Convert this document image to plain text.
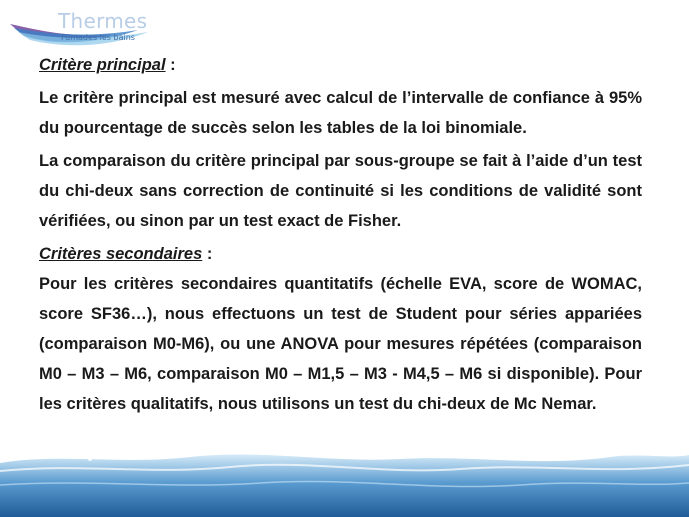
Thermes
Fumades les bains

Critère principal :

Le critère principal est mesuré avec calcul de l’intervalle de confiance à 95% du pourcentage de succès selon les tables de la loi binomiale.

La comparaison du critère principal par sous-groupe se fait à l’aide d’un test du chi-deux sans correction de continuité si les conditions de validité sont vérifiées, ou sinon par un test exact de Fisher.

Critères secondaires :

Pour les critères secondaires quantitatifs (échelle EVA, score de WOMAC, score SF36…), nous effectuons un test de Student pour séries appariées (comparaison M0-M6), ou une ANOVA pour mesures répétées (comparaison M0 – M3 – M6, comparaison M0 – M1,5 – M3 - M4,5 – M6 si disponible). Pour les critères qualitatifs, nous utilisons un test du chi-deux de Mc Nemar.
